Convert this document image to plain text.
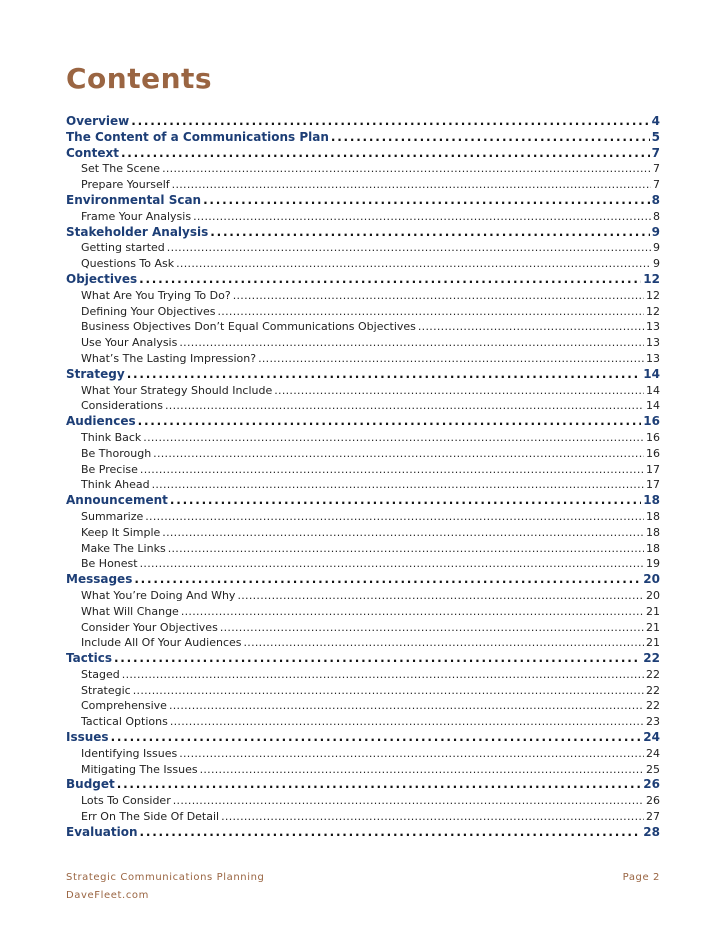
Contents
Overview . . .	4
The Content of a Communications Plan . . .	5
Context . . .	7
Set The Scene . . .	7
Prepare Yourself . . .	7
Environmental Scan . . .	8
Frame Your Analysis . . .	8
Stakeholder Analysis . . .	9
Getting started . . .	9
Questions To Ask . . .	9
Objectives . . .	12
What Are You Trying To Do? . . .	12
Defining Your Objectives . . .	12
Business Objectives Don’t Equal Communications Objectives . . .	13
Use Your Analysis . . .	13
What’s The Lasting Impression? . . .	13
Strategy . . .	14
What Your Strategy Should Include . . .	14
Considerations . . .	14
Audiences . . .	16
Think Back . . .	16
Be Thorough . . .	16
Be Precise . . .	17
Think Ahead . . .	17
Announcement . . .	18
Summarize . . .	18
Keep It Simple . . .	18
Make The Links . . .	18
Be Honest . . .	19
Messages . . .	20
What You’re Doing And Why . . .	20
What Will Change . . .	21
Consider Your Objectives . . .	21
Include All Of Your Audiences . . .	21
Tactics . . .	22
Staged . . .	22
Strategic . . .	22
Comprehensive . . .	22
Tactical Options . . .	23
Issues . . .	24
Identifying Issues . . .	24
Mitigating The Issues . . .	25
Budget . . .	26
Lots To Consider . . .	26
Err On The Side Of Detail . . .	27
Evaluation . . .	28
Strategic Communications Planning	Page 2
DaveFleet.com
